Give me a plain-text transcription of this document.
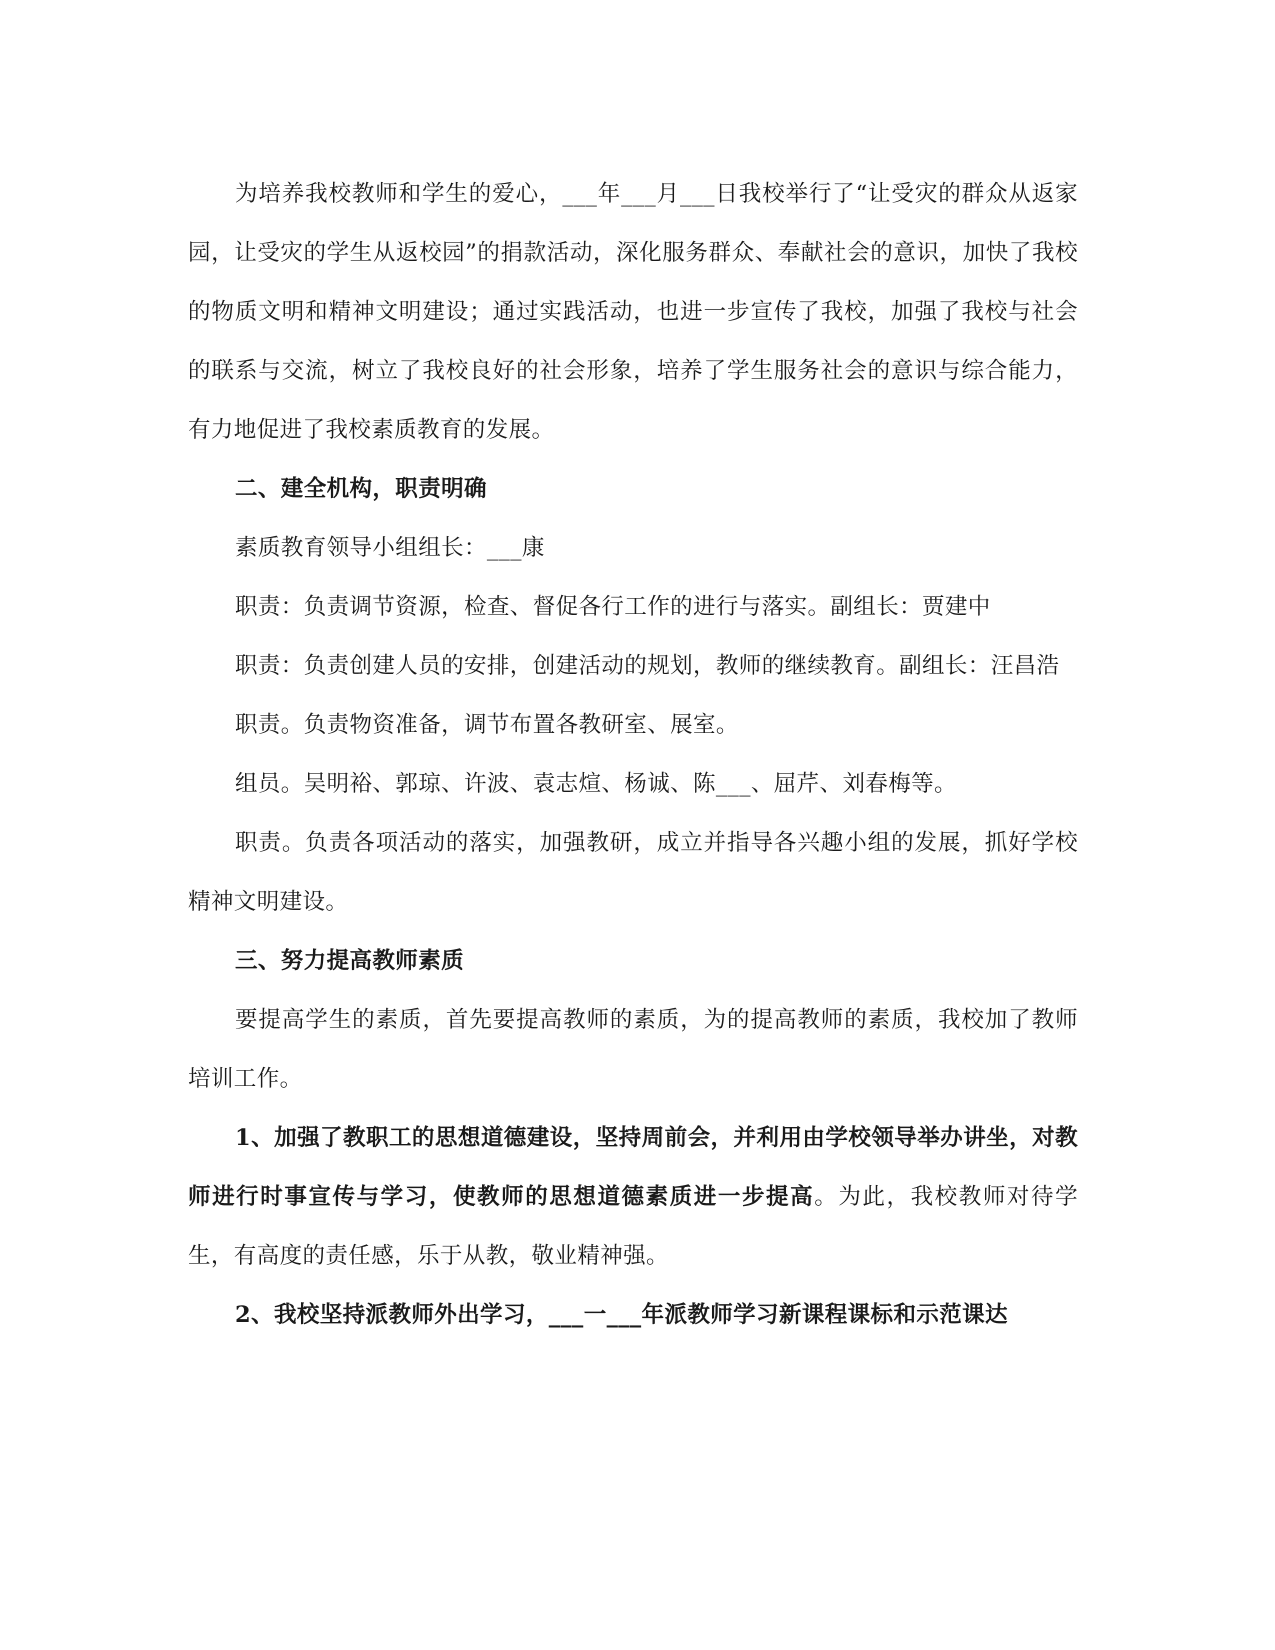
为培养我校教师和学生的爱心，___年___月___日我校举行了“让受灾的群众从返家园，让受灾的学生从返校园”的捐款活动，深化服务群众、奉献社会的意识，加快了我校的物质文明和精神文明建设；通过实践活动，也进一步宣传了我校，加强了我校与社会的联系与交流，树立了我校良好的社会形象，培养了学生服务社会的意识与综合能力，有力地促进了我校素质教育的发展。

二、建全机构，职责明确

素质教育领导小组组长：___康

职责：负责调节资源，检查、督促各行工作的进行与落实。副组长：贾建中

职责：负责创建人员的安排，创建活动的规划，教师的继续教育。副组长：汪昌浩

职责。负责物资准备，调节布置各教研室、展室。

组员。吴明裕、郭琼、许波、袁志煊、杨诚、陈___、屈芹、刘春梅等。

职责。负责各项活动的落实，加强教研，成立并指导各兴趣小组的发展，抓好学校精神文明建设。

三、努力提高教师素质

要提高学生的素质，首先要提高教师的素质，为的提高教师的素质，我校加了教师培训工作。

1、加强了教职工的思想道德建设，坚持周前会，并利用由学校领导举办讲坐，对教师进行时事宣传与学习，使教师的思想道德素质进一步提高。为此，我校教师对待学生，有高度的责任感，乐于从教，敬业精神强。

2、我校坚持派教师外出学习，___一___年派教师学习新课程课标和示范课达
